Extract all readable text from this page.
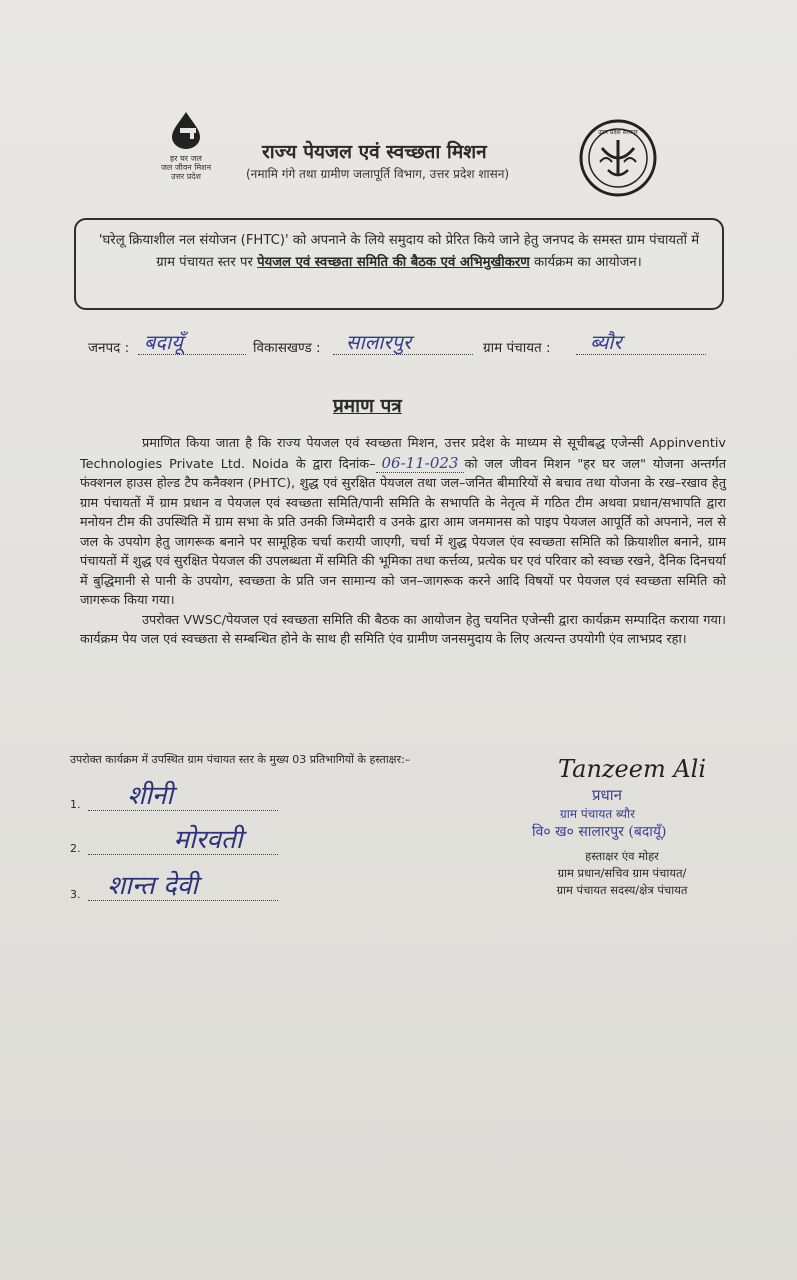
हर घर जल
जल जीवन मिशन
उत्तर प्रदेश
राज्य पेयजल एवं स्वच्छता मिशन
(नमामि गंगे तथा ग्रामीण जलापूर्ति विभाग, उत्तर प्रदेश शासन)
उत्तर प्रदेश सरकार
'घरेलू क्रियाशील नल संयोजन (FHTC)' को अपनाने के लिये समुदाय को प्रेरित किये जाने हेतु जनपद के समस्त ग्राम पंचायतों में ग्राम पंचायत स्तर पर पेयजल एवं स्वच्छता समिति की बैठक एवं अभिमुखीकरण कार्यक्रम का आयोजन।
जनपद : बदायूँ	विकासखण्ड : सालारपुर	ग्राम पंचायत : ब्यौर
प्रमाण पत्र

प्रमाणित किया जाता है कि राज्य पेयजल एवं स्वच्छता मिशन, उत्तर प्रदेश के माध्यम से सूचीबद्ध एजेन्सी Appinventiv Technologies Private Ltd. Noida के द्वारा दिनांक– 06-11-023 को जल जीवन मिशन "हर घर जल" योजना अन्तर्गत फंक्शनल हाउस होल्ड टैप कनैक्शन (PHTC), शुद्ध एवं सुरक्षित पेयजल तथा जल–जनित बीमारियों से बचाव तथा योजना के रख–रखाव हेतु ग्राम पंचायतों में ग्राम प्रधान व पेयजल एवं स्वच्छता समिति/पानी समिति के सभापति के नेतृत्व में गठित टीम अथवा प्रधान/सभापति द्वारा मनोयन टीम की उपस्थिति में ग्राम सभा के प्रति उनकी जिम्मेदारी व उनके द्वारा आम जनमानस को पाइप पेयजल आपूर्ति को अपनाने, नल से जल के उपयोग हेतु जागरूक बनाने पर सामूहिक चर्चा करायी जाएगी, चर्चा में शुद्ध पेयजल एंव स्वच्छता समिति को क्रियाशील बनाने, ग्राम पंचायतों में शुद्ध एवं सुरक्षित पेयजल की उपलब्धता में समिति की भूमिका तथा कर्त्तव्य, प्रत्येक घर एवं परिवार को स्वच्छ रखने, दैनिक दिनचर्या में बुद्धिमानी से पानी के उपयोग, स्वच्छता के प्रति जन सामान्य को जन–जागरूक करने आदि विषयों पर पेयजल एवं स्वच्छता समिति को जागरूक किया गया।

उपरोक्त VWSC/पेयजल एवं स्वच्छता समिति की बैठक का आयोजन हेतु चयनित एजेन्सी द्वारा कार्यक्रम सम्पादित कराया गया। कार्यक्रम पेय जल एवं स्वच्छता से सम्बन्धित होने के साथ ही समिति एंव ग्रामीण जनसमुदाय के लिए अत्यन्त उपयोगी एंव लाभप्रद रहा।

उपरोक्त कार्यक्रम में उपस्थित ग्राम पंचायत स्तर के मुख्य 03 प्रतिभागियों के हस्ताक्षर:–
1. शीनी
2.	मोरवती
3. शान्त देवी
Tanzeem Ali
प्रधान
ग्राम पंचायत ब्यौर
वि० ख० सालारपुर (बदायूँ)
हस्ताक्षर एंव मोहर
ग्राम प्रधान/सचिव ग्राम पंचायत/
ग्राम पंचायत सदस्य/क्षेत्र पंचायत
